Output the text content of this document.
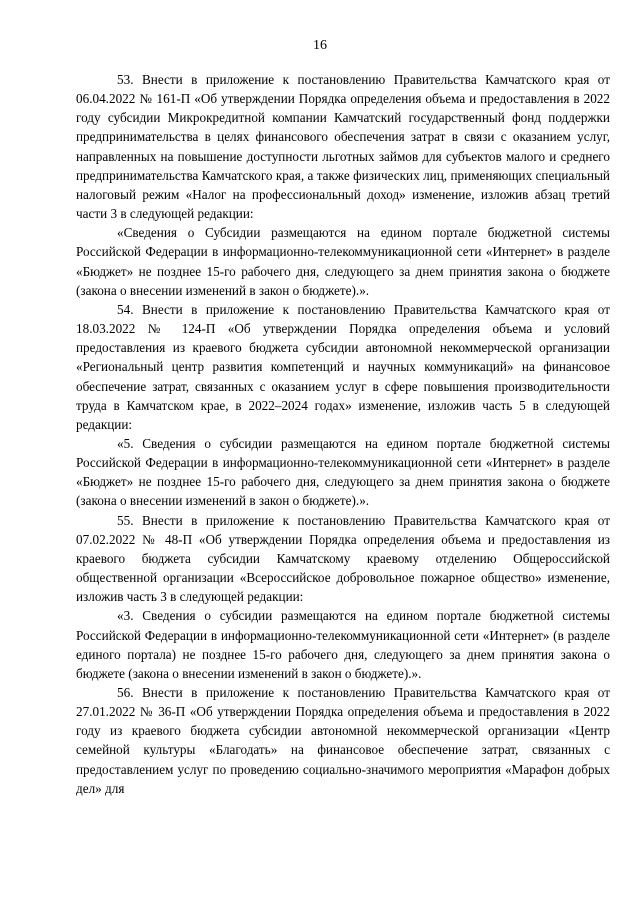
16

53. Внести в приложение к постановлению Правительства Камчатского края от 06.04.2022 № 161-П «Об утверждении Порядка определения объема и предоставления в 2022 году субсидии Микрокредитной компании Камчатский государственный фонд поддержки предпринимательства в целях финансового обеспечения затрат в связи с оказанием услуг, направленных на повышение доступности льготных займов для субъектов малого и среднего предпринимательства Камчатского края, а также физических лиц, применяющих специальный налоговый режим «Налог на профессиональный доход» изменение, изложив абзац третий части 3 в следующей редакции:

«Сведения о Субсидии размещаются на едином портале бюджетной системы Российской Федерации в информационно-телекоммуникационной сети «Интернет» в разделе «Бюджет» не позднее 15-го рабочего дня, следующего за днем принятия закона о бюджете (закона о внесении изменений в закон о бюджете).».

54. Внести в приложение к постановлению Правительства Камчатского края от 18.03.2022 № 124-П «Об утверждении Порядка определения объема и условий предоставления из краевого бюджета субсидии автономной некоммерческой организации «Региональный центр развития компетенций и научных коммуникаций» на финансовое обеспечение затрат, связанных с оказанием услуг в сфере повышения производительности труда в Камчатском крае, в 2022–2024 годах» изменение, изложив часть 5 в следующей редакции:

«5. Сведения о субсидии размещаются на едином портале бюджетной системы Российской Федерации в информационно-телекоммуникационной сети «Интернет» в разделе «Бюджет» не позднее 15-го рабочего дня, следующего за днем принятия закона о бюджете (закона о внесении изменений в закон о бюджете).».

55. Внести в приложение к постановлению Правительства Камчатского края от 07.02.2022 № 48-П «Об утверждении Порядка определения объема и предоставления из краевого бюджета субсидии Камчатскому краевому отделению Общероссийской общественной организации «Всероссийское добровольное пожарное общество» изменение, изложив часть 3 в следующей редакции:

«3. Сведения о субсидии размещаются на едином портале бюджетной системы Российской Федерации в информационно-телекоммуникационной сети «Интернет» (в разделе единого портала) не позднее 15-го рабочего дня, следующего за днем принятия закона о бюджете (закона о внесении изменений в закон о бюджете).».

56. Внести в приложение к постановлению Правительства Камчатского края от 27.01.2022 № 36-П «Об утверждении Порядка определения объема и предоставления в 2022 году из краевого бюджета субсидии автономной некоммерческой организации «Центр семейной культуры «Благодать» на финансовое обеспечение затрат, связанных с предоставлением услуг по проведению социально-значимого мероприятия «Марафон добрых дел» для
